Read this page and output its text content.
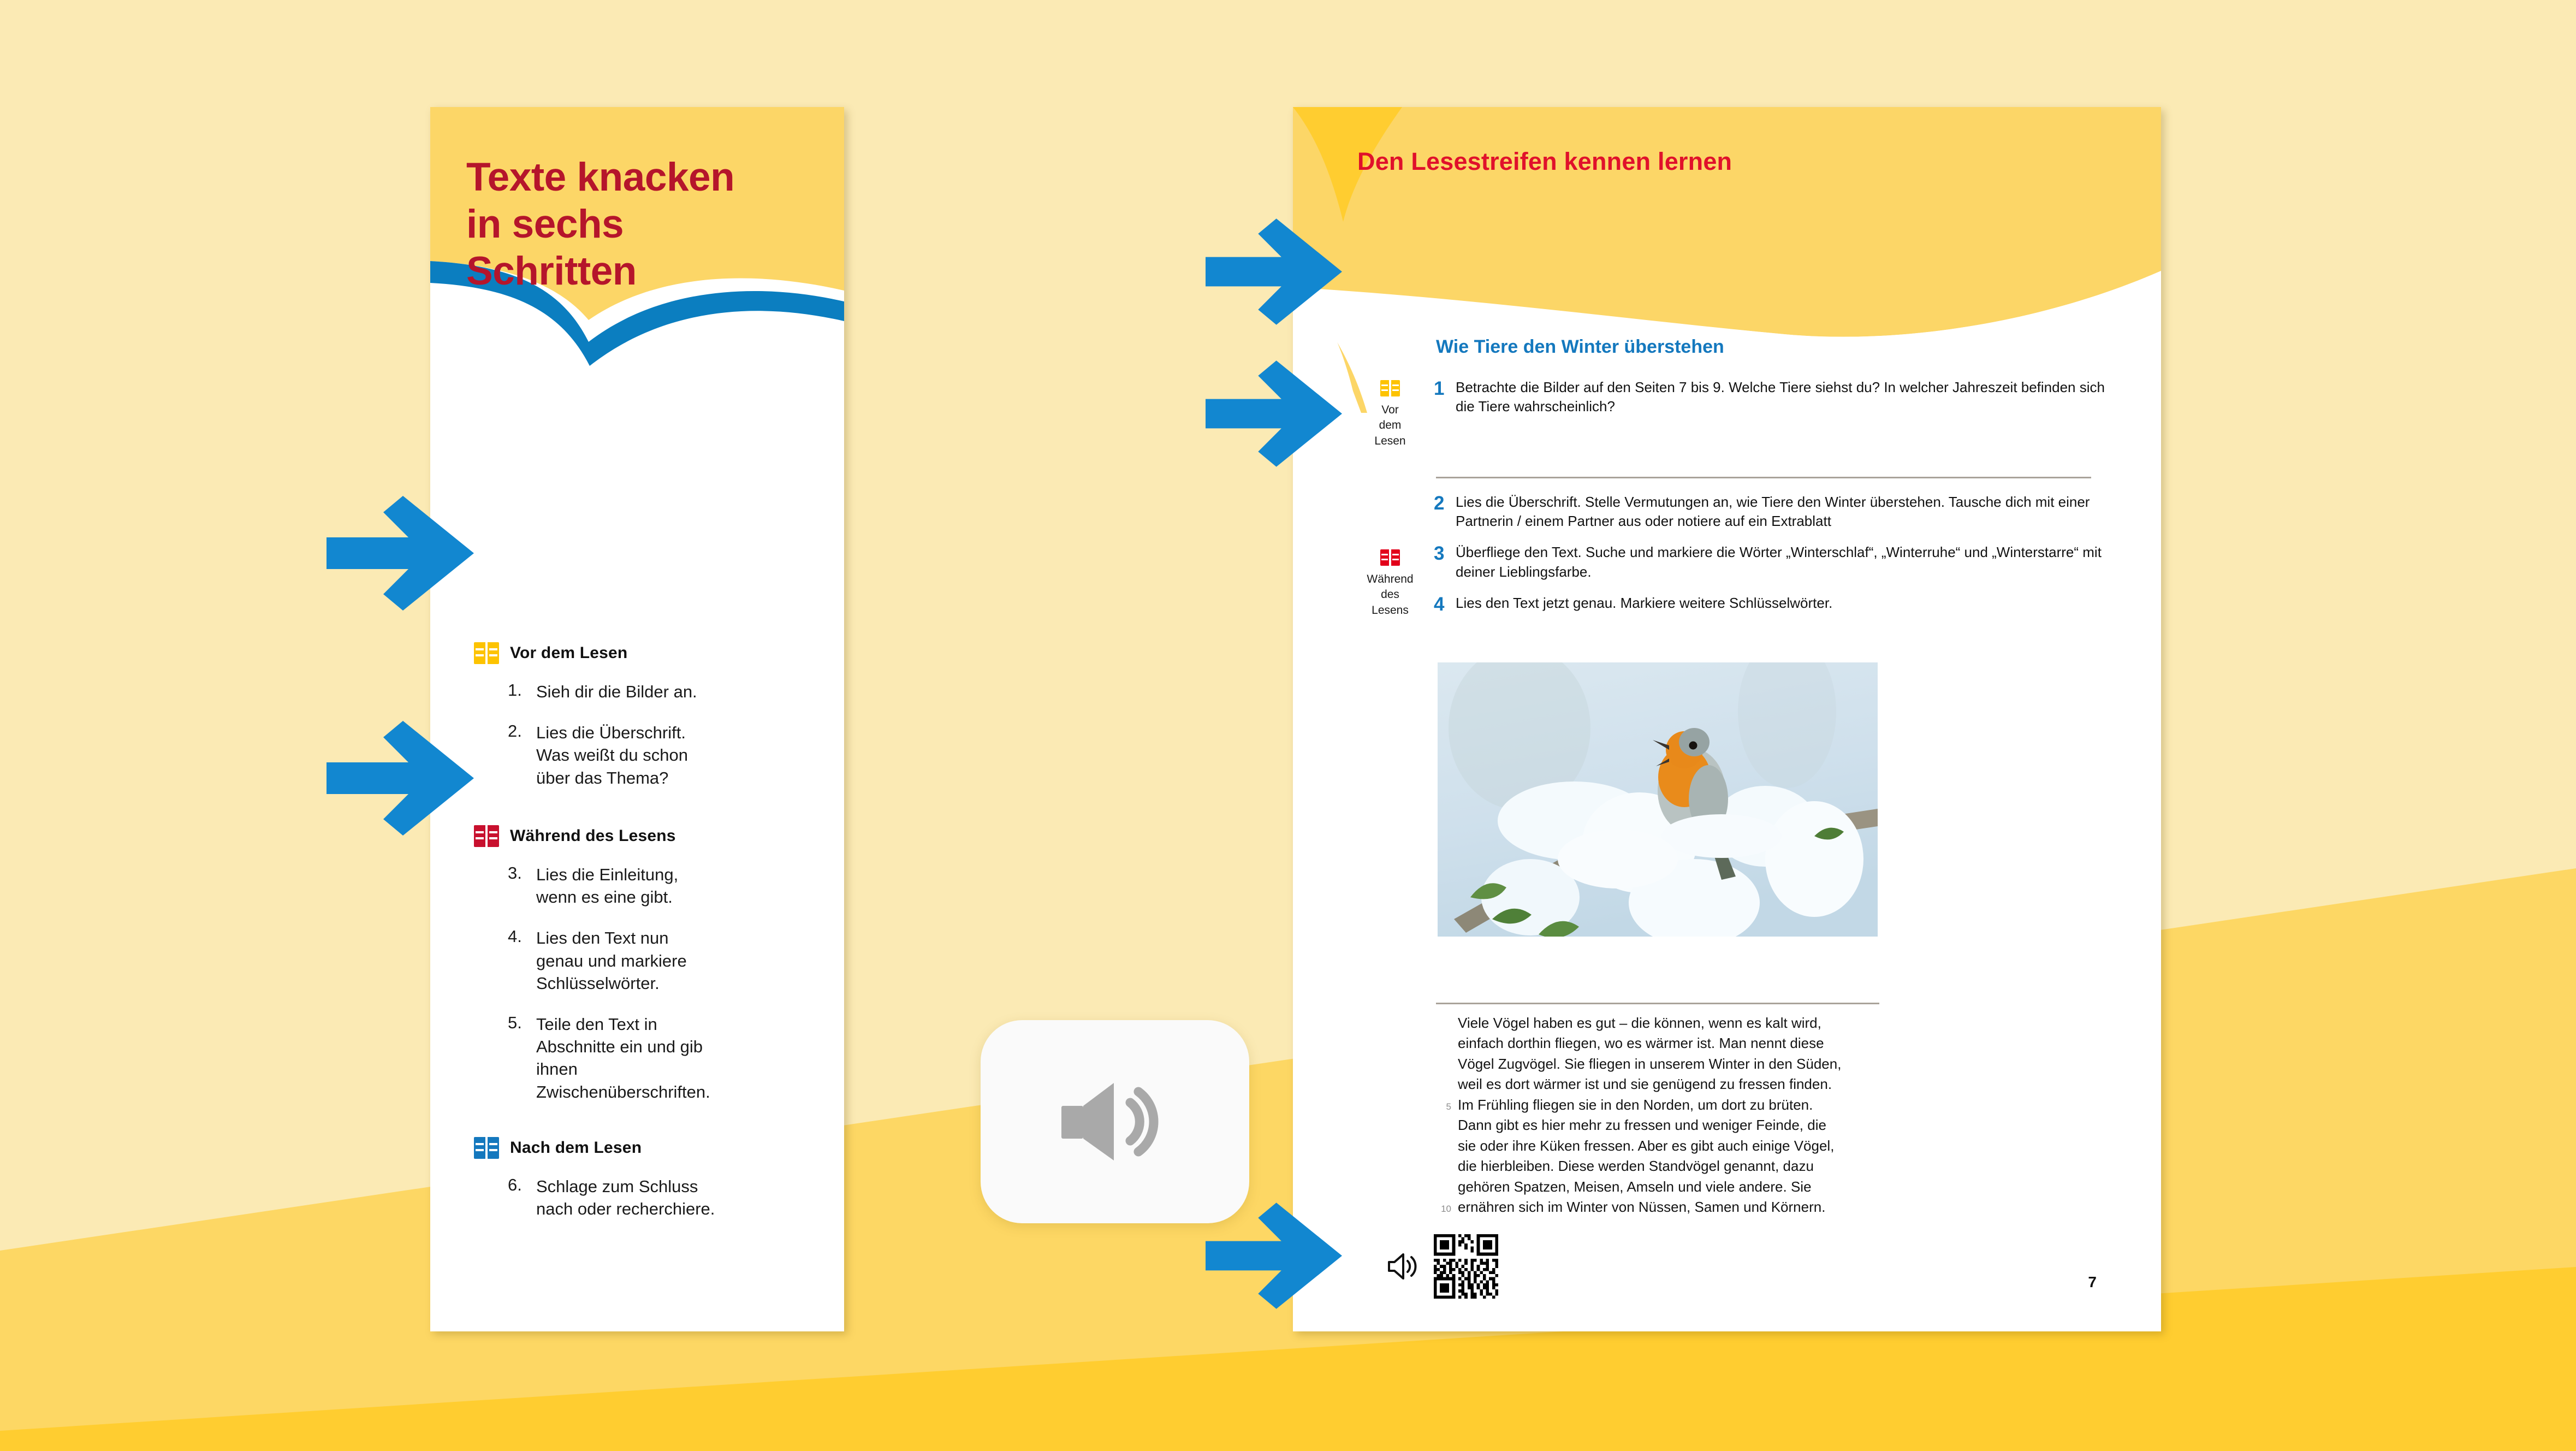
Texte knacken
in sechs
Schritten
Vor dem Lesen
1. Sieh dir die Bilder an.
2. Lies die Überschrift. Was weißt du schon über das Thema?
Während des Lesens
3. Lies die Einleitung, wenn es eine gibt.
4. Lies den Text nun genau und markiere Schlüsselwörter.
5. Teile den Text in Abschnitte ein und gib ihnen Zwischenüberschriften.
Nach dem Lesen
6. Schlage zum Schluss nach oder recherchiere.
Den Lesestreifen kennen lernen
Wie Tiere den Winter überstehen
Vor
dem
Lesen
Während
des
Lesens
1 Betrachte die Bilder auf den Seiten 7 bis 9. Welche Tiere siehst du? In welcher Jahreszeit befinden sich die Tiere wahrscheinlich?
2 Lies die Überschrift. Stelle Vermutungen an, wie Tiere den Winter überstehen. Tausche dich mit einer Partnerin / einem Partner aus oder notiere auf ein Extrablatt
3 Überfliege den Text. Suche und markiere die Wörter „Winterschlaf“, „Winterruhe“ und „Winterstarre“ mit deiner Lieblingsfarbe.
4 Lies den Text jetzt genau. Markiere weitere Schlüsselwörter.
Viele Vögel haben es gut – die können, wenn es kalt wird,
einfach dorthin fliegen, wo es wärmer ist. Man nennt diese
Vögel Zugvögel. Sie fliegen in unserem Winter in den Süden,
weil es dort wärmer ist und sie genügend zu fressen finden.
5 Im Frühling fliegen sie in den Norden, um dort zu brüten.
Dann gibt es hier mehr zu fressen und weniger Feinde, die
sie oder ihre Küken fressen. Aber es gibt auch einige Vögel,
die hierbleiben. Diese werden Standvögel genannt, dazu
gehören Spatzen, Meisen, Amseln und viele andere. Sie
10 ernähren sich im Winter von Nüssen, Samen und Körnern.
7
